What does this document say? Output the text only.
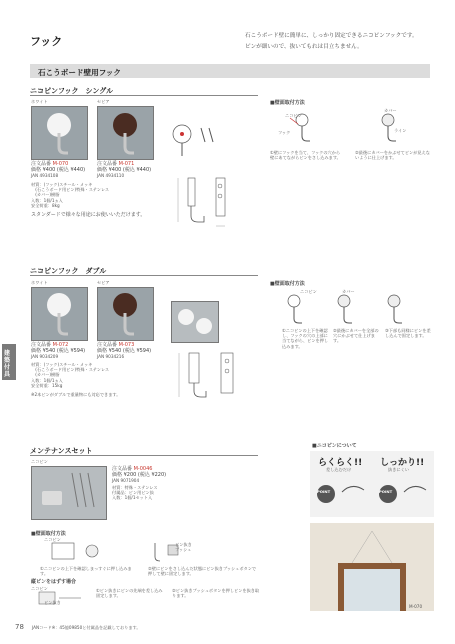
フック	石こうボード壁に簡単に、しっかり固定できるニコピンフックです。
ピンが細いので、抜いてもれは目立ちません。
石こうボード壁用フック
ニコピンフック　シングル
ホワイト	セピア
注文品番 M-070
価格 ¥400 (税込 ¥440)
JAN 4934108
注文品番 M-071
価格 ¥400 (税込 ¥440)
JAN 4934110
材質：(フック)スチール・メッキ
　(石こうボード用ピン)特殊・ステンレス
　(カバー)樹脂
入数：1個/1ヵ入
安全荷重：8kg
スタンダードで様々な用途にお使いいただけます。
■壁面取付方法
ニコピン
フック
カバー
ライン
①壁にフックを当て、フックの穴から壁にあてながらピンをさし込みます。
②最後にカバーをかぶせてピンが見えないように仕上げます。
ニコピンフック　ダブル
ホワイト	セピア
注文品番 M-072
価格 ¥540 (税込 ¥594)
JAN 9034209
注文品番 M-073
価格 ¥540 (税込 ¥594)
JAN 9034216
材質：(フック)スチール・メッキ
　(石こうボード用ピン)特殊・ステンレス
　(カバー)樹脂
入数：1個/1ヵ入
安全荷重：15kg
※2本ピンがダブルで重量物にも対応できます。
■壁面取付方法
ニコピン	カバー
①ニコピンの上下を確認し、フックの穴の上部に当てながら、ピンを押し込みます。
②最後にカバーを全部の穴にかぶせて仕上げます。
③下部も同様にピンを差し込んで固定します。
建築付具
メンテナンスセット
ニコピン
注文品番 M-0046
価格 ¥200 (税込 ¥220)
JAN 9071904
材質：特殊・ステンレス
付属品：ピン用ピン抜
入数：1個/1セット入
■壁面取付方法
ニコピン
ピン抜き
プッシュ
①ニコピンの上下を確認しまっすぐに押し込みます。
②壁にピンをさし込んだ状態にピン抜きプッシュボタンで押して壁に固定します。
縦ピンをはずす場合
ニコピン
ピン抜き
①ピン抜きにピンの先端を差し込み固定します。
②ピン抜きプッシュボタンを押しピンを抜き取ります。
■ニコピンについて
らくらく!!
差し込むだけ
しっかり!!
抜きにくい
POINT	POINT
M-070
78 JANコード※：45億09850と付属品を記載しております。
